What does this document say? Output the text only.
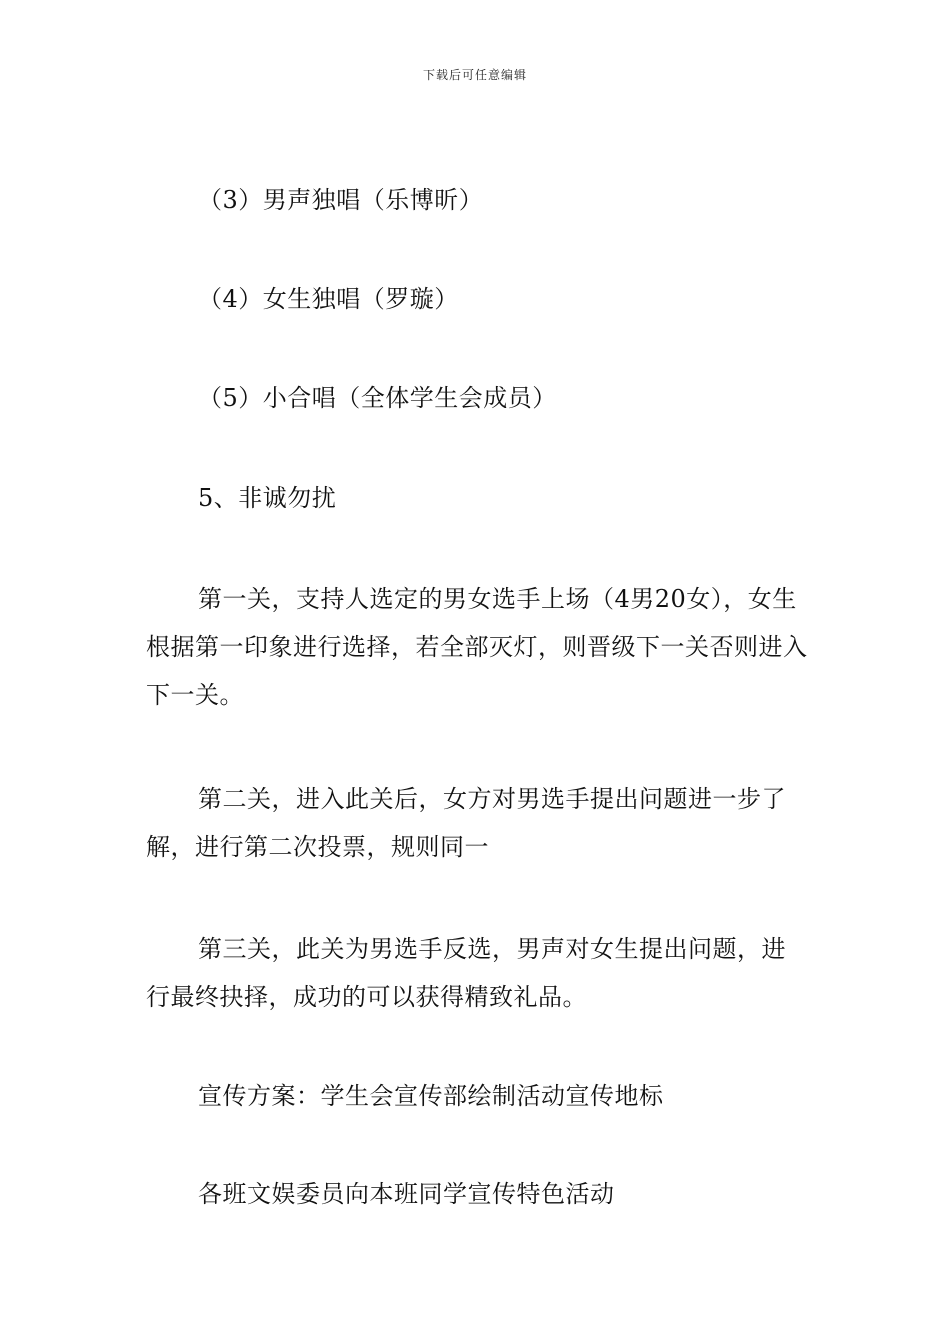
下载后可任意编辑

（3）男声独唱（乐博昕）

（4）女生独唱（罗璇）

（5）小合唱（全体学生会成员）

5、非诚勿扰

第一关，支持人选定的男女选手上场（4男20女），女生根据第一印象进行选择，若全部灭灯，则晋级下一关否则进入下一关。

第二关，进入此关后，女方对男选手提出问题进一步了解，进行第二次投票，规则同一

第三关，此关为男选手反选，男声对女生提出问题，进行最终抉择，成功的可以获得精致礼品。

宣传方案：学生会宣传部绘制活动宣传地标

各班文娱委员向本班同学宣传特色活动
